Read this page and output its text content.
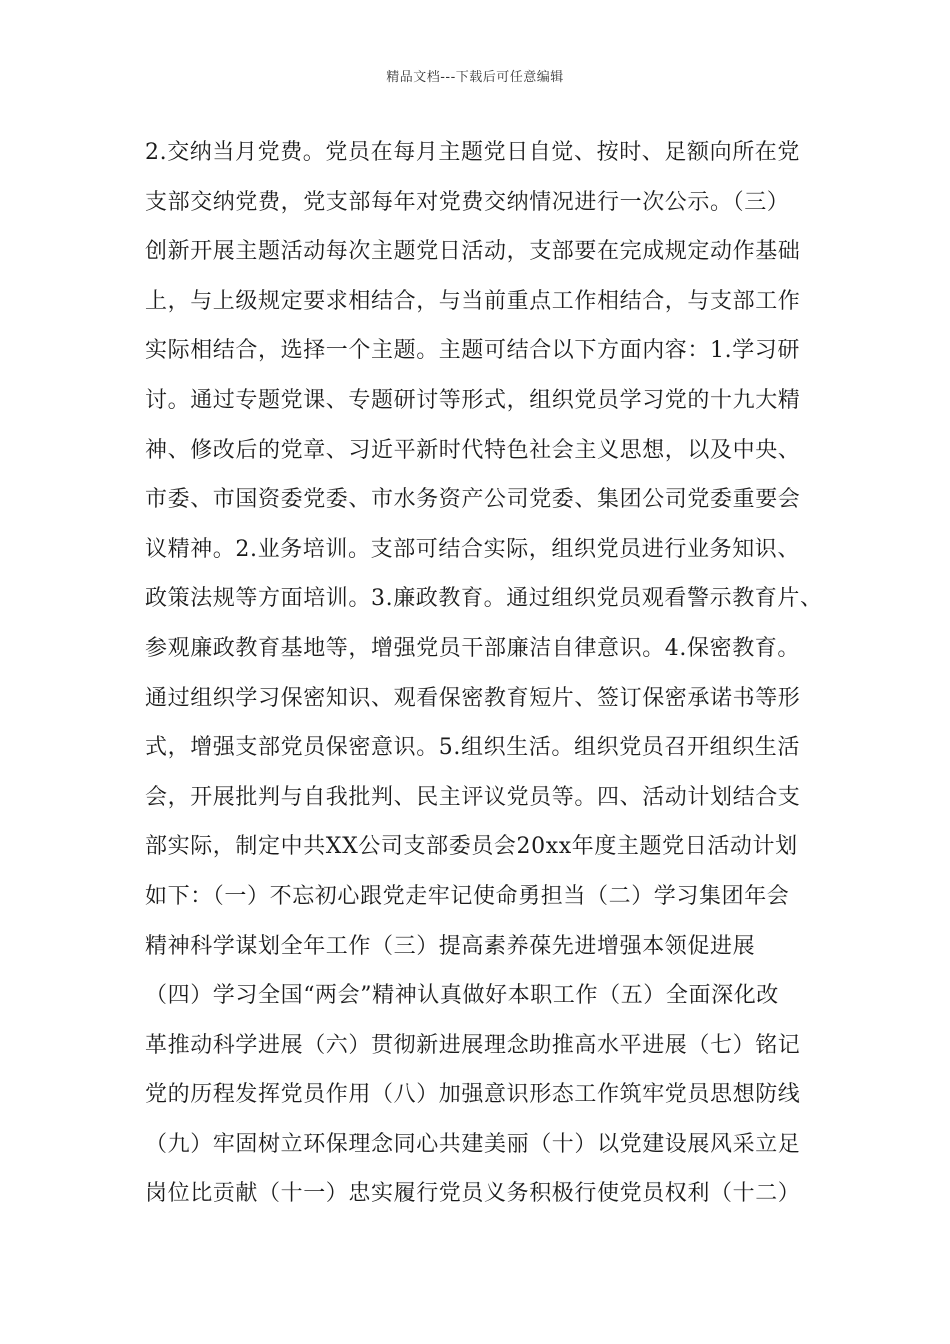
精品文档---下载后可任意编辑
2.交纳当月党费。党员在每月主题党日自觉、按时、足额向所在党
支部交纳党费，党支部每年对党费交纳情况进行一次公示。（三）
创新开展主题活动每次主题党日活动，支部要在完成规定动作基础
上，与上级规定要求相结合，与当前重点工作相结合，与支部工作
实际相结合，选择一个主题。主题可结合以下方面内容：1.学习研
讨。通过专题党课、专题研讨等形式，组织党员学习党的十九大精
神、修改后的党章、习近平新时代特色社会主义思想，以及中央、
市委、市国资委党委、市水务资产公司党委、集团公司党委重要会
议精神。2.业务培训。支部可结合实际，组织党员进行业务知识、
政策法规等方面培训。3.廉政教育。通过组织党员观看警示教育片、
参观廉政教育基地等，增强党员干部廉洁自律意识。4.保密教育。
通过组织学习保密知识、观看保密教育短片、签订保密承诺书等形
式，增强支部党员保密意识。5.组织生活。组织党员召开组织生活
会，开展批判与自我批判、民主评议党员等。四、活动计划结合支
部实际，制定中共XX公司支部委员会20xx年度主题党日活动计划
如下：（一）不忘初心跟党走牢记使命勇担当（二）学习集团年会
精神科学谋划全年工作（三）提高素养葆先进增强本领促进展
（四）学习全国“两会”精神认真做好本职工作（五）全面深化改
革推动科学进展（六）贯彻新进展理念助推高水平进展（七）铭记
党的历程发挥党员作用（八）加强意识形态工作筑牢党员思想防线
（九）牢固树立环保理念同心共建美丽（十）以党建设展风采立足
岗位比贡献（十一）忠实履行党员义务积极行使党员权利（十二）
